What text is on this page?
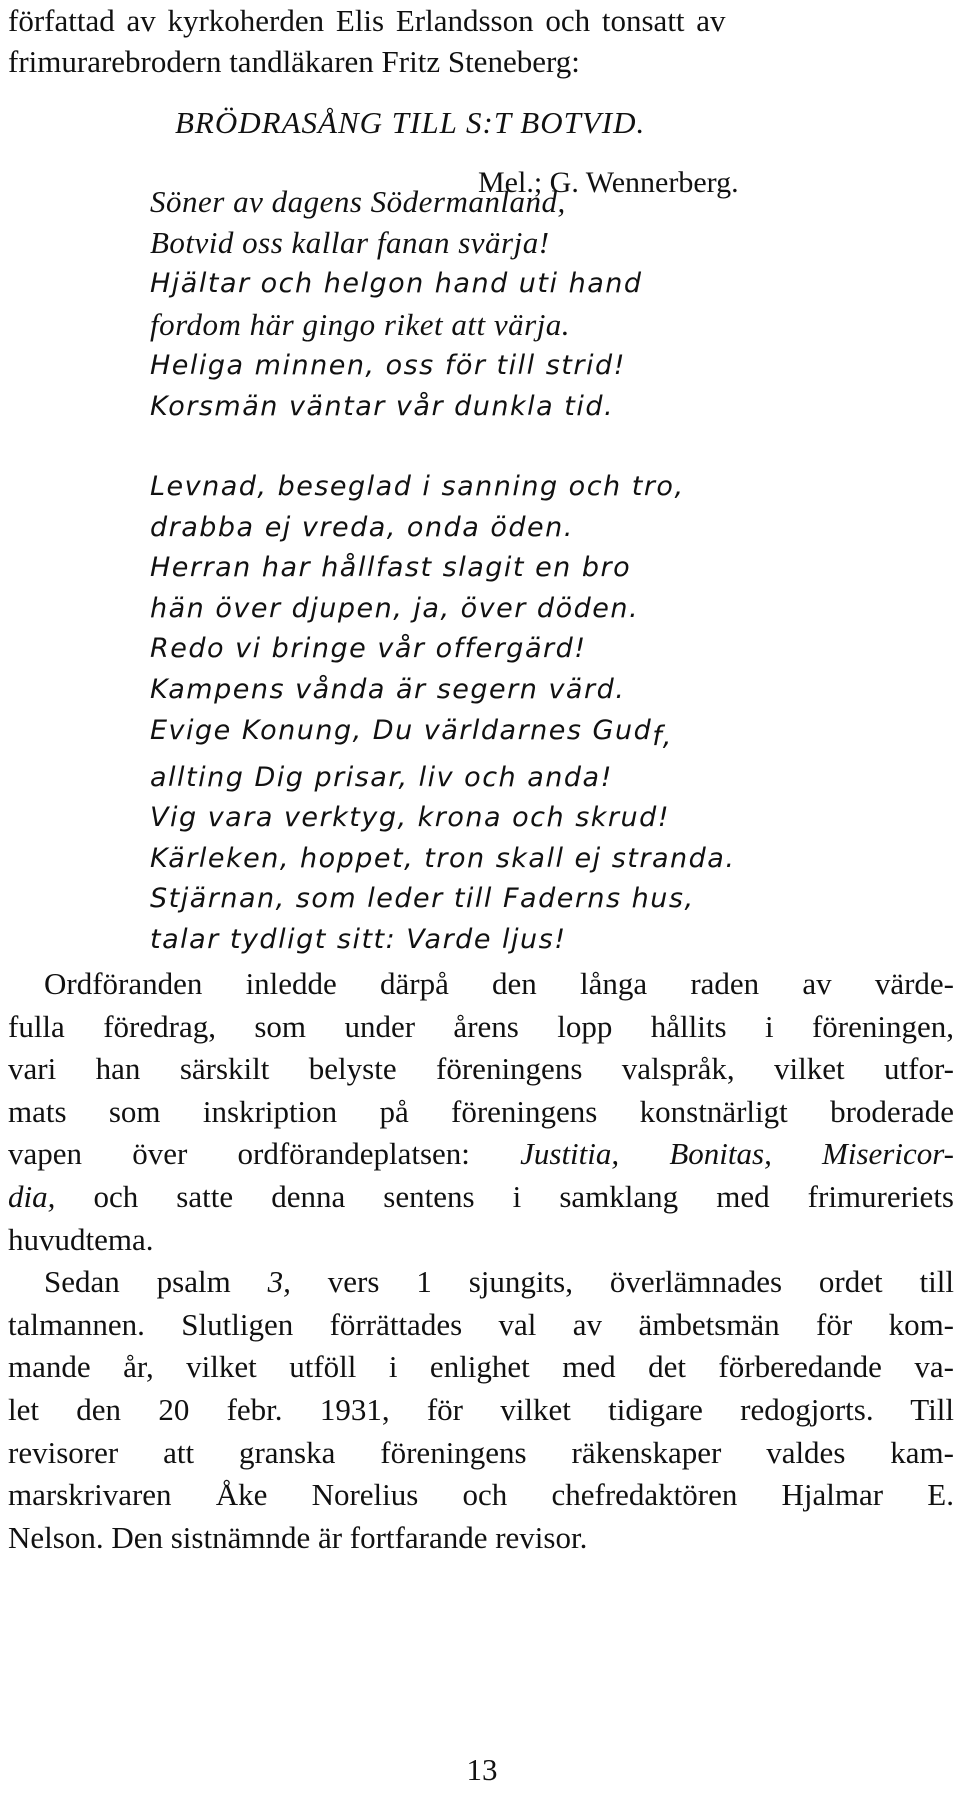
författad av kyrkoherden Elis Erlandsson och tonsatt av
frimurarebrodern tandläkaren Fritz Steneberg:
BRÖDRASÅNG TILL S:T BOTVID.
Mel.; G. Wennerberg.
Söner av dagens Södermanland,
Botvid oss kallar fanan svärja!
Hjältar och helgon hand uti hand
fordom här gingo riket att värja.
Heliga minnen, oss för till strid!
Korsmän väntar vår dunkla tid.
Levnad, beseglad i sanning och tro,
drabba ej vreda, onda öden.
Herran har hållfast slagit en bro
hän över djupen, ja, över döden.
Redo vi bringe vår offergärd!
Kampens vånda är segern värd.
Evige Konung, Du världarnes Gudf,
allting Dig prisar, liv och anda!
Vig vara verktyg, krona och skrud!
Kärleken, hoppet, tron skall ej stranda.
Stjärnan, som leder till Faderns hus,
talar tydligt sitt: Varde ljus!

Ordföranden inledde därpå den långa raden av värde-
fulla föredrag, som under årens lopp hållits i föreningen,
vari han särskilt belyste föreningens valspråk, vilket utfor-
mats som inskription på föreningens konstnärligt broderade
vapen över ordförandeplatsen: Justitia, Bonitas, Misericor-
dia, och satte denna sentens i samklang med frimureriets
huvudtema.

Sedan psalm 3, vers 1 sjungits, överlämnades ordet till
talmannen. Slutligen förrättades val av ämbetsmän för kom-
mande år, vilket utföll i enlighet med det förberedande va-
let den 20 febr. 1931, för vilket tidigare redogjorts. Till
revisorer att granska föreningens räkenskaper valdes kam-
marskrivaren Åke Norelius och chefredaktören Hjalmar E.
Nelson. Den sistnämnde är fortfarande revisor.

13
